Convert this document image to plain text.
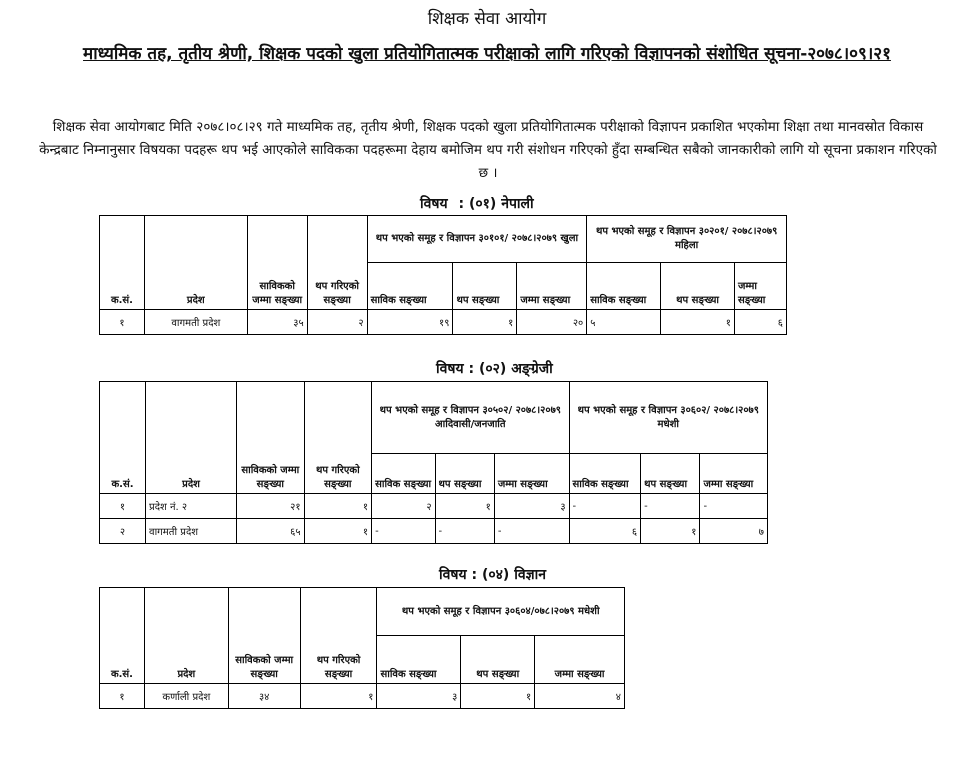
शिक्षक सेवा आयोग
माध्यमिक तह, तृतीय श्रेणी, शिक्षक पदको खुला प्रतियोगितात्मक परीक्षाको लागि गरिएको विज्ञापनको संशोधित सूचना-२०७८।०९।२१
शिक्षक सेवा आयोगबाट मिति २०७८।०८।२९ गते माध्यमिक तह, तृतीय श्रेणी, शिक्षक पदको खुला प्रतियोगितात्मक परीक्षाको विज्ञापन प्रकाशित भएकोमा शिक्षा तथा मानवस्रोत विकास केन्द्रबाट निम्नानुसार विषयका पदहरू थप भई आएकोले साविकका पदहरूमा देहाय बमोजिम थप गरी संशोधन गरिएको हुँदा सम्बन्धित सबैको जानकारीको लागि यो सूचना प्रकाशन गरिएको छ ।
विषय : (०१) नेपाली
क.सं.	प्रदेश	साविकको जम्मा सङ्ख्या	थप गरिएको सङ्ख्या	थप भएको समूह र विज्ञापन ३०१०१/ २०७८।२०७९ खुला			थप भएको समूह र विज्ञापन ३०२०१/ २०७८।२०७९ महिला		
				साविक सङ्ख्या	थप सङ्ख्या	जम्मा सङ्ख्या	साविक सङ्ख्या	थप सङ्ख्या	जम्मा सङ्ख्या
१	वागमती प्रदेश	३५	२	१९	१	२०	५	१	६
विषय : (०२) अङ्ग्रेजी
क.सं.	प्रदेश	साविकको जम्मा सङ्ख्या	थप गरिएको सङ्ख्या	थप भएको समूह र विज्ञापन ३०५०२/ २०७८।२०७९ आदिवासी/जनजाति			थप भएको समूह र विज्ञापन ३०६०२/ २०७८।२०७९ मधेशी		
				साविक सङ्ख्या	थप सङ्ख्या	जम्मा सङ्ख्या	साविक सङ्ख्या	थप सङ्ख्या	जम्मा सङ्ख्या
१	प्रदेश नं. २	२१	१	२	१	३	-	-	-
२	वागमती प्रदेश	६५	१	-	-	-	६	१	७
विषय : (०४) विज्ञान
क.सं.	प्रदेश	साविकको जम्मा सङ्ख्या	थप गरिएको सङ्ख्या	थप भएको समूह र विज्ञापन ३०६०४/०७८।२०७९ मधेशी		
				साविक सङ्ख्या	थप सङ्ख्या	जम्मा सङ्ख्या
१	कर्णाली प्रदेश	३४	१	३	१	४
